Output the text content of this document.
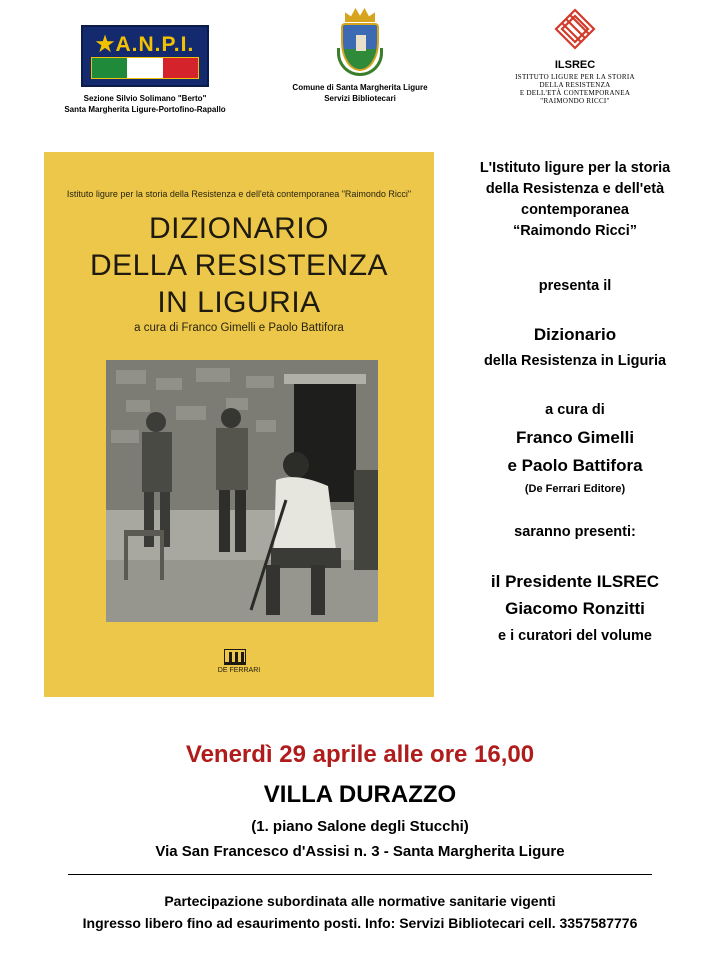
★A.N.P.I.
Sezione Silvio Solimano "Berto"
Santa Margherita Ligure-Portofino-Rapallo
Comune di Santa Margherita Ligure
Servizi Bibliotecari
ILSREC
ISTITUTO LIGURE PER LA STORIA
DELLA RESISTENZA
E DELL'ETÀ CONTEMPORANEA
"RAIMONDO RICCI"
Istituto ligure per la storia della Resistenza e dell'età contemporanea "Raimondo Ricci"
DIZIONARIO
DELLA RESISTENZA
IN LIGURIA
a cura di Franco Gimelli e Paolo Battifora
DE FERRARI
L'Istituto ligure per la storia
della Resistenza e dell'età
contemporanea
“Raimondo Ricci”
presenta il
Dizionario
della Resistenza in Liguria
a cura di
Franco Gimelli
e Paolo Battifora
(De Ferrari Editore)
saranno presenti:
il Presidente ILSREC
Giacomo Ronzitti
e i curatori del volume
Venerdì 29 aprile alle ore 16,00
VILLA DURAZZO
(1. piano Salone degli Stucchi)
Via San Francesco d'Assisi n. 3 - Santa Margherita Ligure
Partecipazione subordinata alle normative sanitarie vigenti
Ingresso libero fino ad esaurimento posti. Info: Servizi Bibliotecari cell. 3357587776
